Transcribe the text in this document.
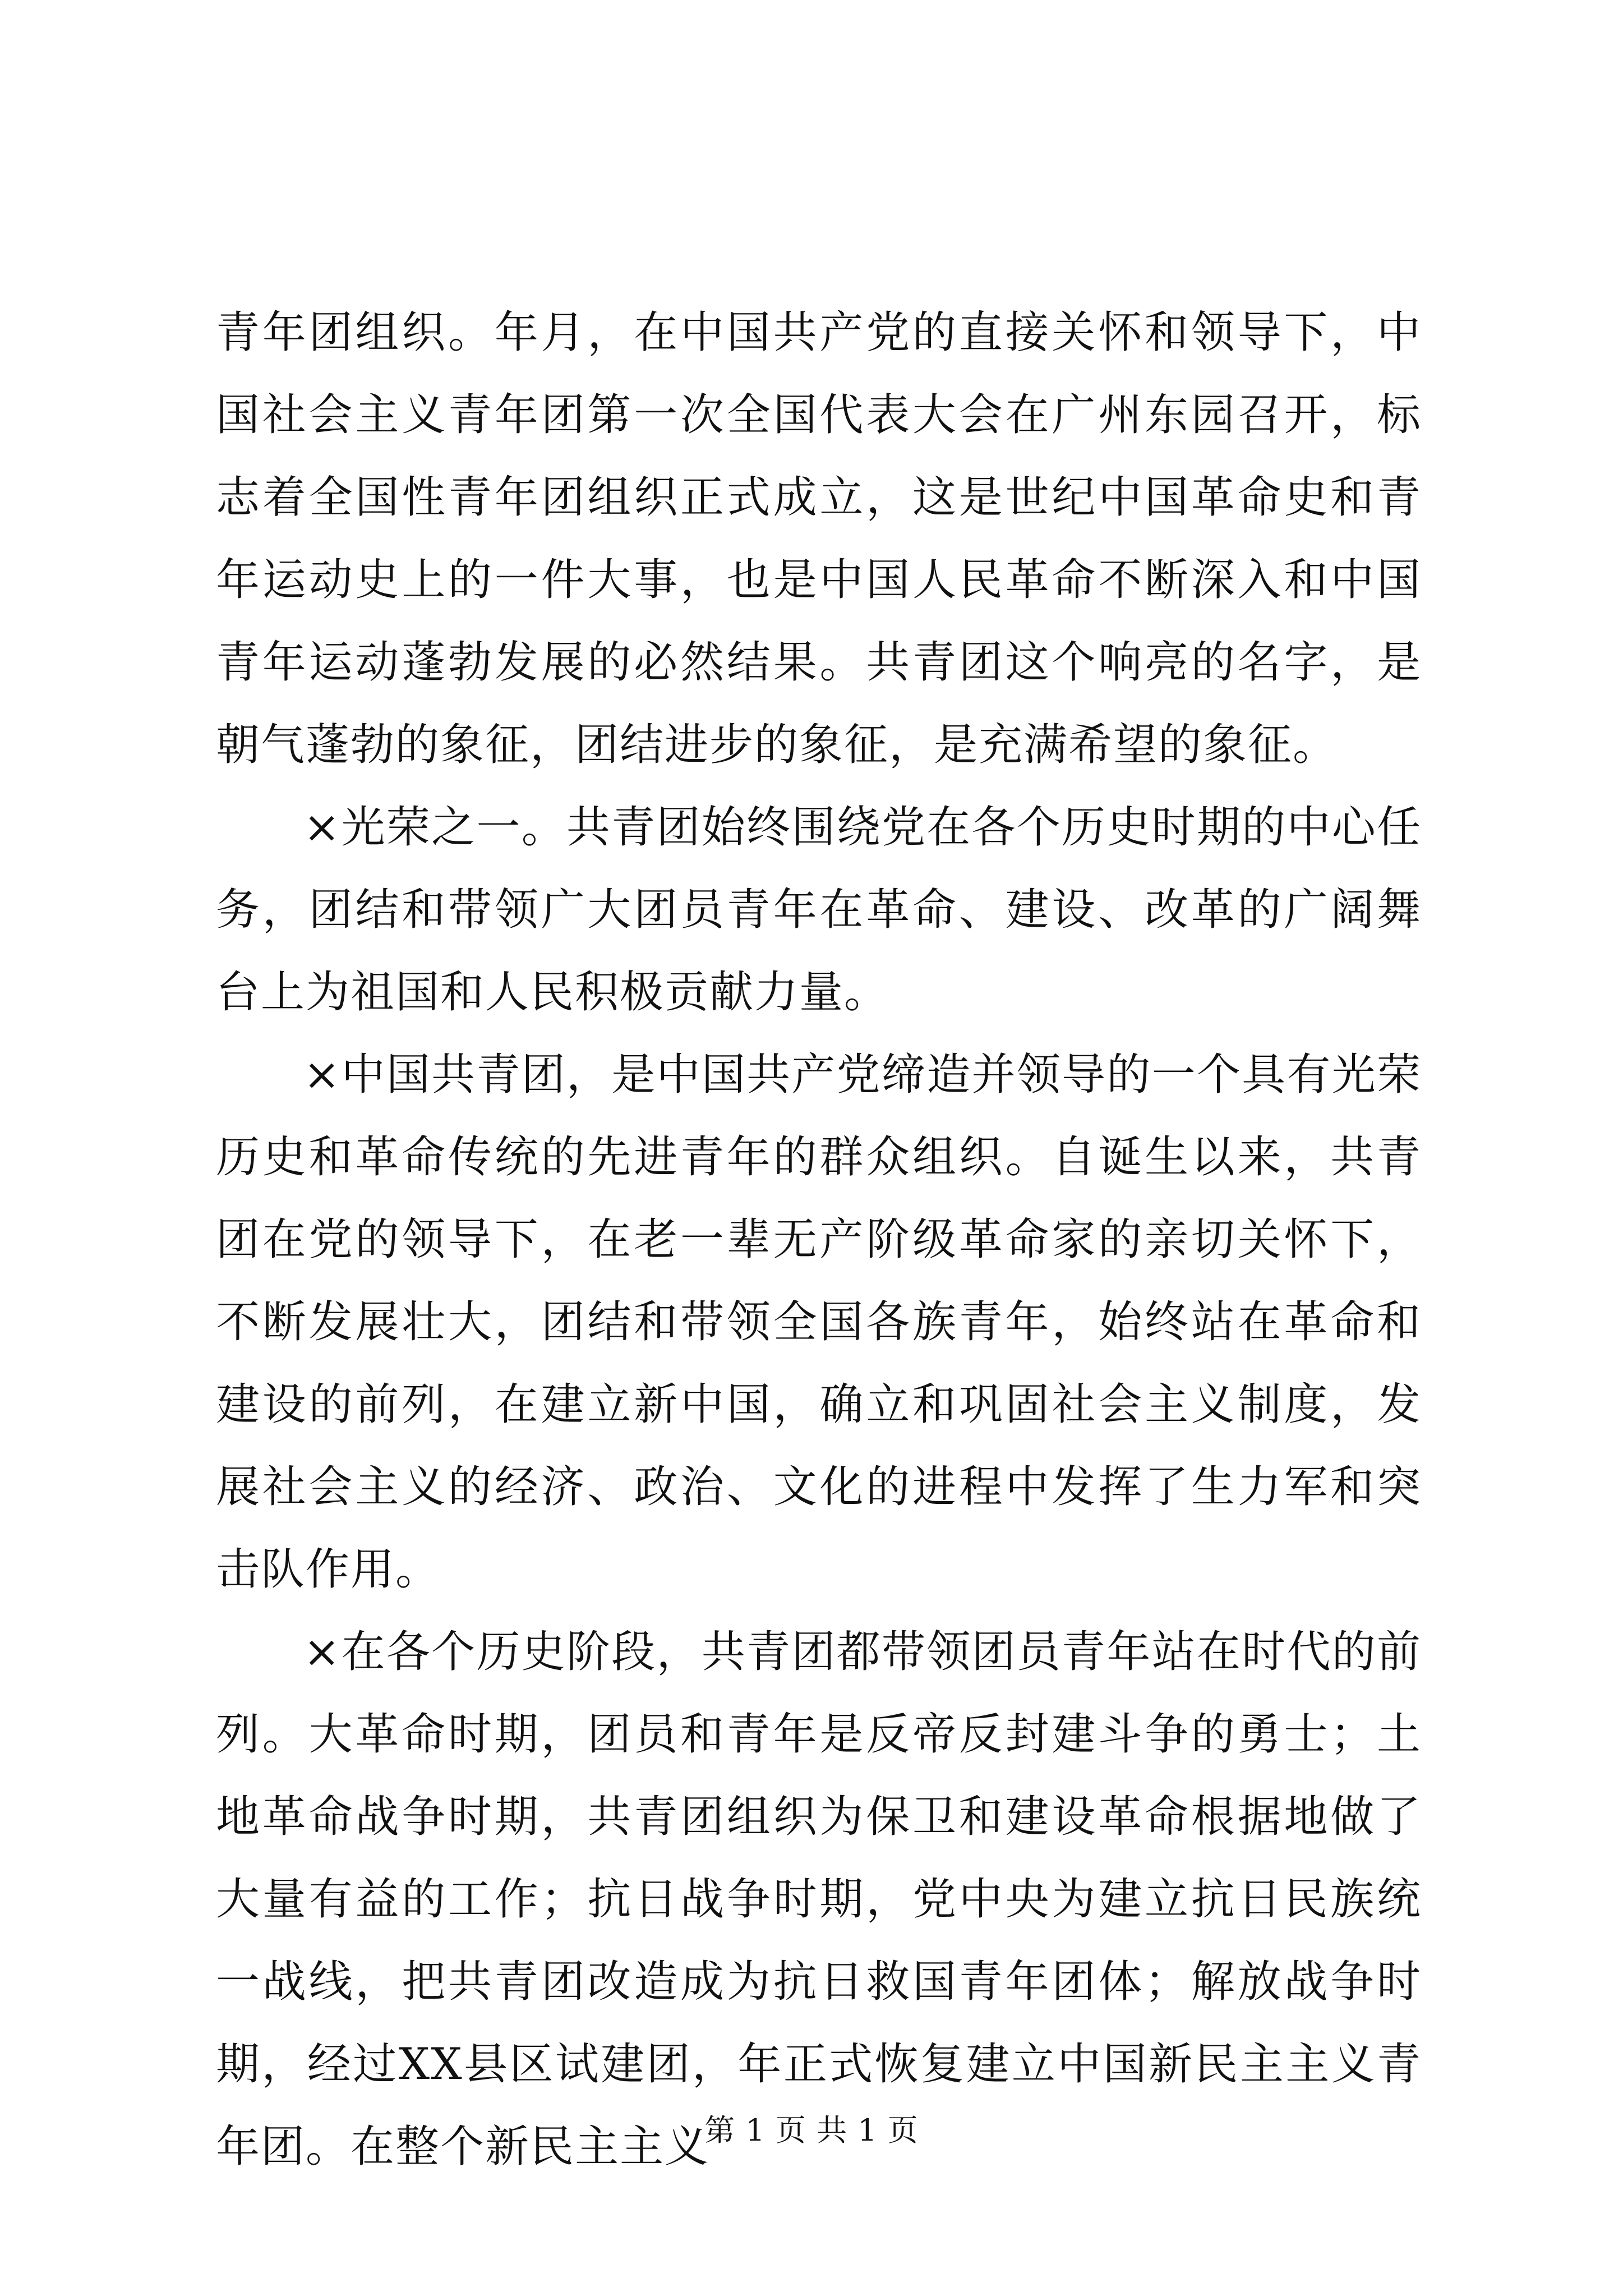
青年团组织。年月，在中国共产党的直接关怀和领导下，中国社会主义青年团第一次全国代表大会在广州东园召开，标志着全国性青年团组织正式成立，这是世纪中国革命史和青年运动史上的一件大事，也是中国人民革命不断深入和中国青年运动蓬勃发展的必然结果。共青团这个响亮的名字，是朝气蓬勃的象征，团结进步的象征，是充满希望的象征。

×光荣之一。共青团始终围绕党在各个历史时期的中心任务，团结和带领广大团员青年在革命、建设、改革的广阔舞台上为祖国和人民积极贡献力量。

×中国共青团，是中国共产党缔造并领导的一个具有光荣历史和革命传统的先进青年的群众组织。自诞生以来，共青团在党的领导下，在老一辈无产阶级革命家的亲切关怀下，不断发展壮大，团结和带领全国各族青年，始终站在革命和建设的前列，在建立新中国，确立和巩固社会主义制度，发展社会主义的经济、政治、文化的进程中发挥了生力军和突击队作用。

×在各个历史阶段，共青团都带领团员青年站在时代的前列。大革命时期，团员和青年是反帝反封建斗争的勇士；土地革命战争时期，共青团组织为保卫和建设革命根据地做了大量有益的工作；抗日战争时期，党中央为建立抗日民族统一战线，把共青团改造成为抗日救国青年团体；解放战争时期，经过XX县区试建团，年正式恢复建立中国新民主主义青年团。在整个新民主主义

第 1 页 共 1 页
